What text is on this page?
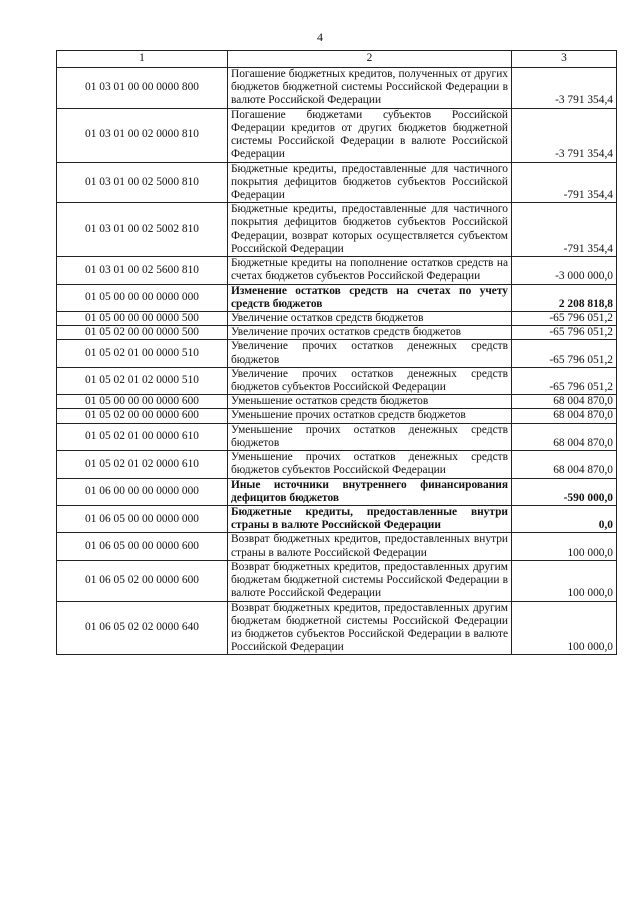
4
1	2	3
01 03 01 00 00 0000 800	Погашение бюджетных кредитов, полученных от других бюджетов бюджетной системы Российской Федерации в валюте Российской Федерации	-3 791 354,4
01 03 01 00 02 0000 810	Погашение бюджетами субъектов Российской Федерации кредитов от других бюджетов бюджетной системы Российской Федерации в валюте Российской Федерации	-3 791 354,4
01 03 01 00 02 5000 810	Бюджетные кредиты, предоставленные для частичного покрытия дефицитов бюджетов субъектов Российской Федерации	-791 354,4
01 03 01 00 02 5002 810	Бюджетные кредиты, предоставленные для частичного покрытия дефицитов бюджетов субъектов Российской Федерации, возврат которых осуществляется субъектом Российской Федерации	-791 354,4
01 03 01 00 02 5600 810	Бюджетные кредиты на пополнение остатков средств на счетах бюджетов субъектов Российской Федерации	-3 000 000,0
01 05 00 00 00 0000 000	Изменение остатков средств на счетах по учету средств бюджетов	2 208 818,8
01 05 00 00 00 0000 500	Увеличение остатков средств бюджетов	-65 796 051,2
01 05 02 00 00 0000 500	Увеличение прочих остатков средств бюджетов	-65 796 051,2
01 05 02 01 00 0000 510	Увеличение прочих остатков денежных средств бюджетов	-65 796 051,2
01 05 02 01 02 0000 510	Увеличение прочих остатков денежных средств бюджетов субъектов Российской Федерации	-65 796 051,2
01 05 00 00 00 0000 600	Уменьшение остатков средств бюджетов	68 004 870,0
01 05 02 00 00 0000 600	Уменьшение прочих остатков средств бюджетов	68 004 870,0
01 05 02 01 00 0000 610	Уменьшение прочих остатков денежных средств бюджетов	68 004 870,0
01 05 02 01 02 0000 610	Уменьшение прочих остатков денежных средств бюджетов субъектов Российской Федерации	68 004 870,0
01 06 00 00 00 0000 000	Иные источники внутреннего финансирования дефицитов бюджетов	-590 000,0
01 06 05 00 00 0000 000	Бюджетные кредиты, предоставленные внутри страны в валюте Российской Федерации	0,0
01 06 05 00 00 0000 600	Возврат бюджетных кредитов, предоставленных внутри страны в валюте Российской Федерации	100 000,0
01 06 05 02 00 0000 600	Возврат бюджетных кредитов, предоставленных другим бюджетам бюджетной системы Российской Федерации в валюте Российской Федерации	100 000,0
01 06 05 02 02 0000 640	Возврат бюджетных кредитов, предоставленных другим бюджетам бюджетной системы Российской Федерации из бюджетов субъектов Российской Федерации в валюте Российской Федерации	100 000,0
